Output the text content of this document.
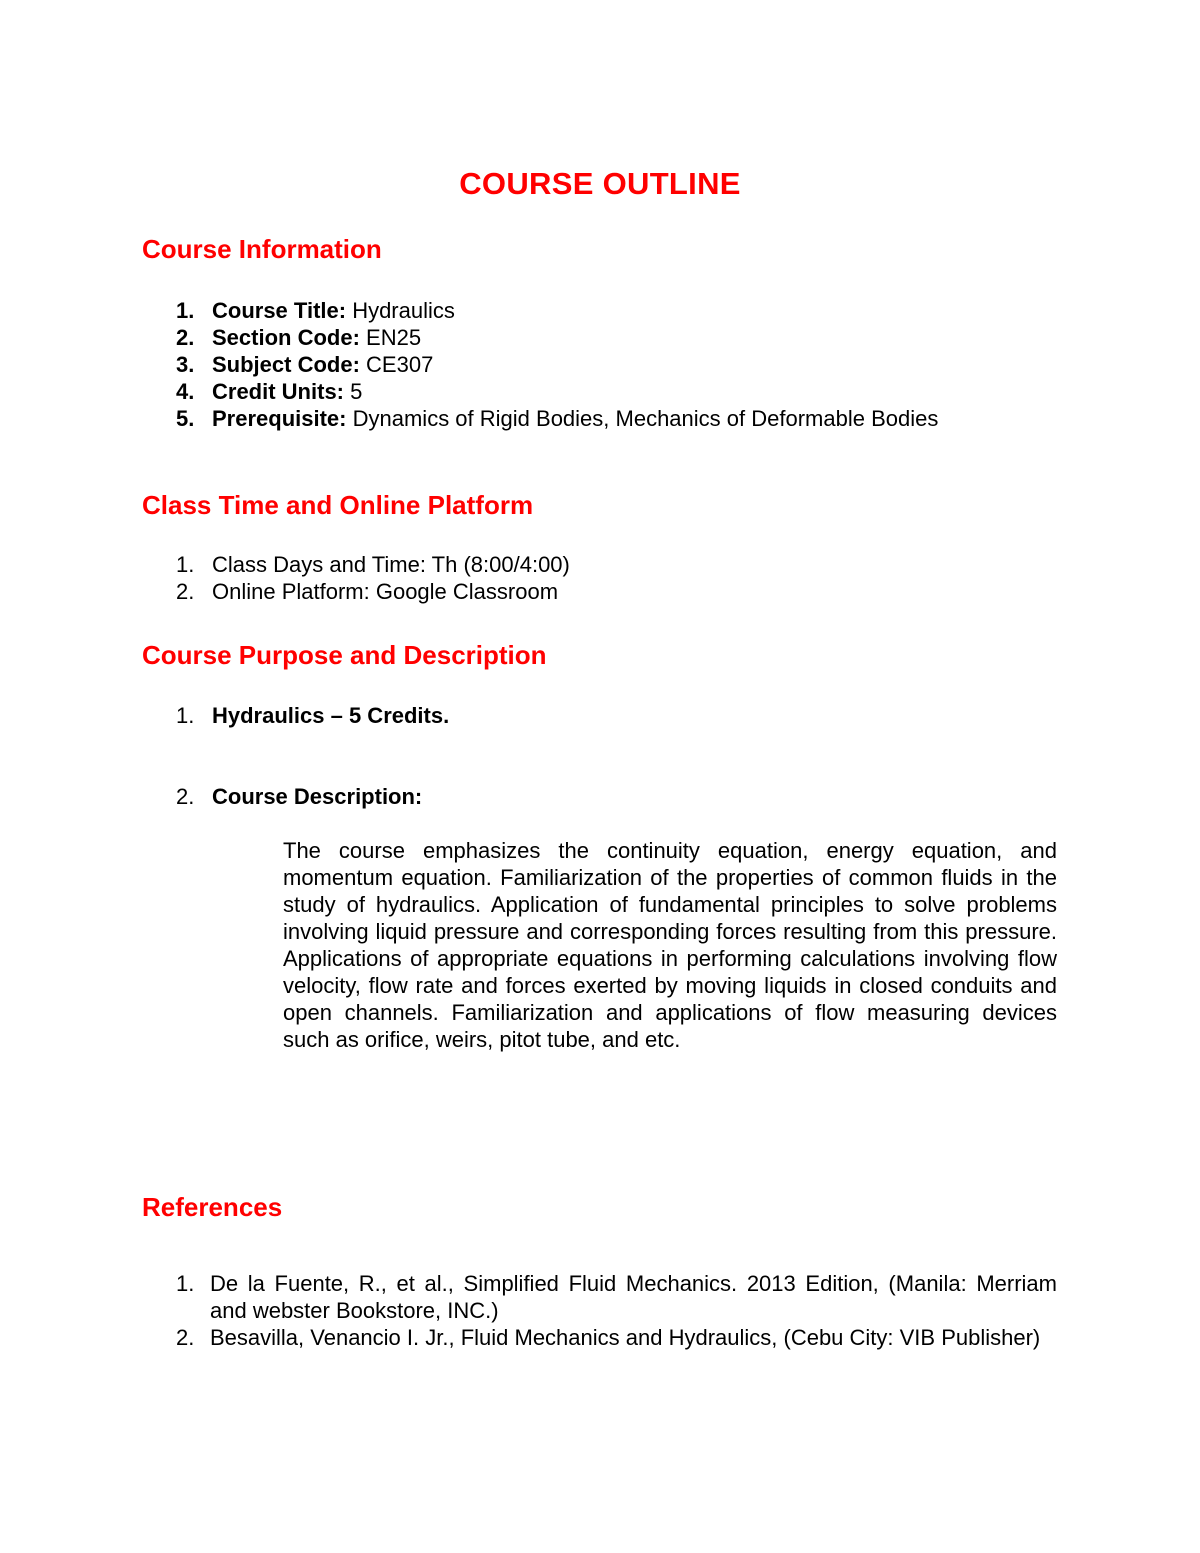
COURSE OUTLINE
Course Information
1. Course Title: Hydraulics
2. Section Code: EN25
3. Subject Code: CE307
4. Credit Units: 5
5. Prerequisite: Dynamics of Rigid Bodies, Mechanics of Deformable Bodies
Class Time and Online Platform
1. Class Days and Time: Th (8:00/4:00)
2. Online Platform: Google Classroom
Course Purpose and Description
1. Hydraulics – 5 Credits.
2. Course Description:
The course emphasizes the continuity equation, energy equation, and momentum equation. Familiarization of the properties of common fluids in the study of hydraulics. Application of fundamental principles to solve problems involving liquid pressure and corresponding forces resulting from this pressure. Applications of appropriate equations in performing calculations involving flow velocity, flow rate and forces exerted by moving liquids in closed conduits and open channels. Familiarization and applications of flow measuring devices such as orifice, weirs, pitot tube, and etc.
References
1. De la Fuente, R., et al., Simplified Fluid Mechanics. 2013 Edition, (Manila: Merriam and webster Bookstore, INC.)
2. Besavilla, Venancio I. Jr., Fluid Mechanics and Hydraulics, (Cebu City: VIB Publisher)
